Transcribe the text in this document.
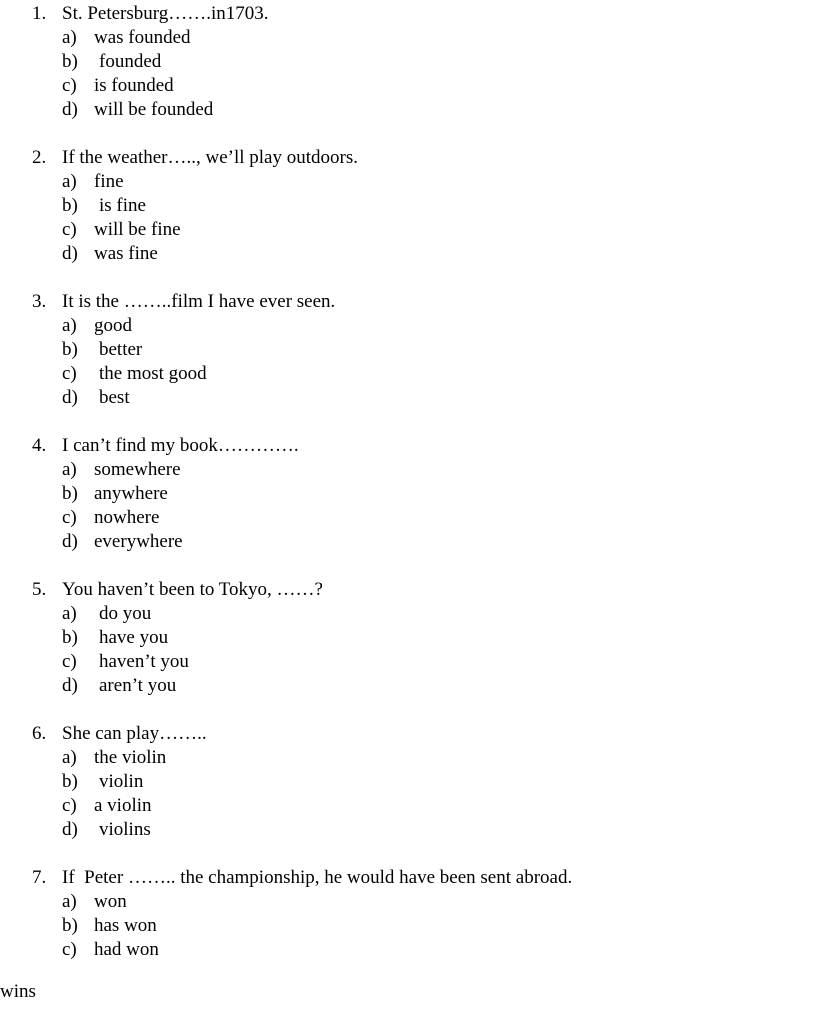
1. St. Petersburg…….in1703.
a) was founded
b)	founded
c) is founded
d) will be founded
2. If the weather….., we’ll play outdoors.
a) fine
b)	is fine
c) will be fine
d) was fine
3. It is the ……..film I have ever seen.
a) good
b)	better
c)	the most good
d)	best
4. I can’t find my book………….
a) somewhere
b) anywhere
c) nowhere
d) everywhere
5. You haven’t been to Tokyo, ……?
a)	do you
b)	have you
c)	haven’t you
d)	aren’t you
6. She can play……..
a) the violin
b)	violin
c) a violin
d)	violins
7. If  Peter …….. the championship, he would have been sent abroad.
a) won
b) has won
c) had won
wins
